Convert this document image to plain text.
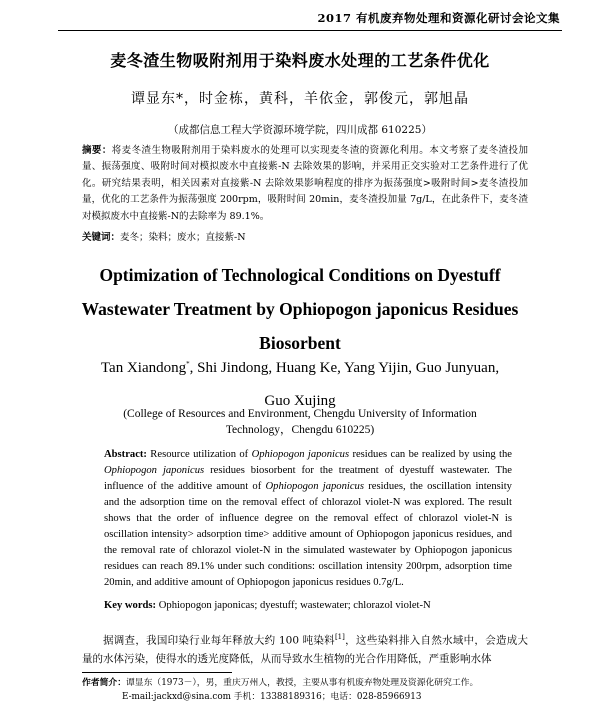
2017 有机废弃物处理和资源化研讨会论文集
麦冬渣生物吸附剂用于染料废水处理的工艺条件优化
谭显东*，时金栋，黄科，羊依金，郭俊元，郭旭晶
（成都信息工程大学资源环境学院，四川成都 610225）
摘要：将麦冬渣生物吸附剂用于染料废水的处理可以实现麦冬渣的资源化利用。本文考察了麦冬渣投加量、振荡强度、吸附时间对模拟废水中直接紫-N 去除效果的影响，并采用正交实验对工艺条件进行了优化。研究结果表明，相关因素对直接紫-N 去除效果影响程度的排序为振荡强度>吸附时间>麦冬渣投加量，优化的工艺条件为振荡强度 200rpm，吸附时间 20min，麦冬渣投加量 7g/L，在此条件下，麦冬渣对模拟废水中直接紫-N的去除率为 89.1%。
关键词：麦冬；染料；废水；直接紫-N
Optimization of Technological Conditions on Dyestuff
Wastewater Treatment by Ophiopogon japonicus Residues
Biosorbent
Tan Xiandong*, Shi Jindong, Huang Ke, Yang Yijin, Guo Junyuan,
Guo Xujing
(College of Resources and Environment, Chengdu University of Information
Technology，Chengdu 610225)
Abstract: Resource utilization of Ophiopogon japonicus residues can be realized by using the Ophiopogon japonicus residues biosorbent for the treatment of dyestuff wastewater. The influence of the additive amount of Ophiopogon japonicus residues, the oscillation intensity and the adsorption time on the removal effect of chlorazol violet-N was explored. The result shows that the order of influence degree on the removal effect of chlorazol violet-N is oscillation intensity> adsorption time> additive amount of Ophiopogon japonicus residues, and the removal rate of chlorazol violet-N in the simulated wastewater by Ophiopogon japonicus residues can reach 89.1% under such conditions: oscillation intensity 200rpm, adsorption time 20min, and additive amount of Ophiopogon japonicus residues 0.7g/L.
Key words: Ophiopogon japonicas; dyestuff; wastewater; chlorazol violet-N
据调查，我国印染行业每年释放大约 100 吨染料[1]，这些染料排入自然水域中，会造成大量的水体污染，使得水的透光度降低，从而导致水生植物的光合作用降低，严重影响水体
作者简介：谭显东（1973－），男，重庆万州人，教授，主要从事有机废弃物处理及资源化研究工作。
E-mail:jackxd@sina.com 手机：13388189316；电话：028-85966913
